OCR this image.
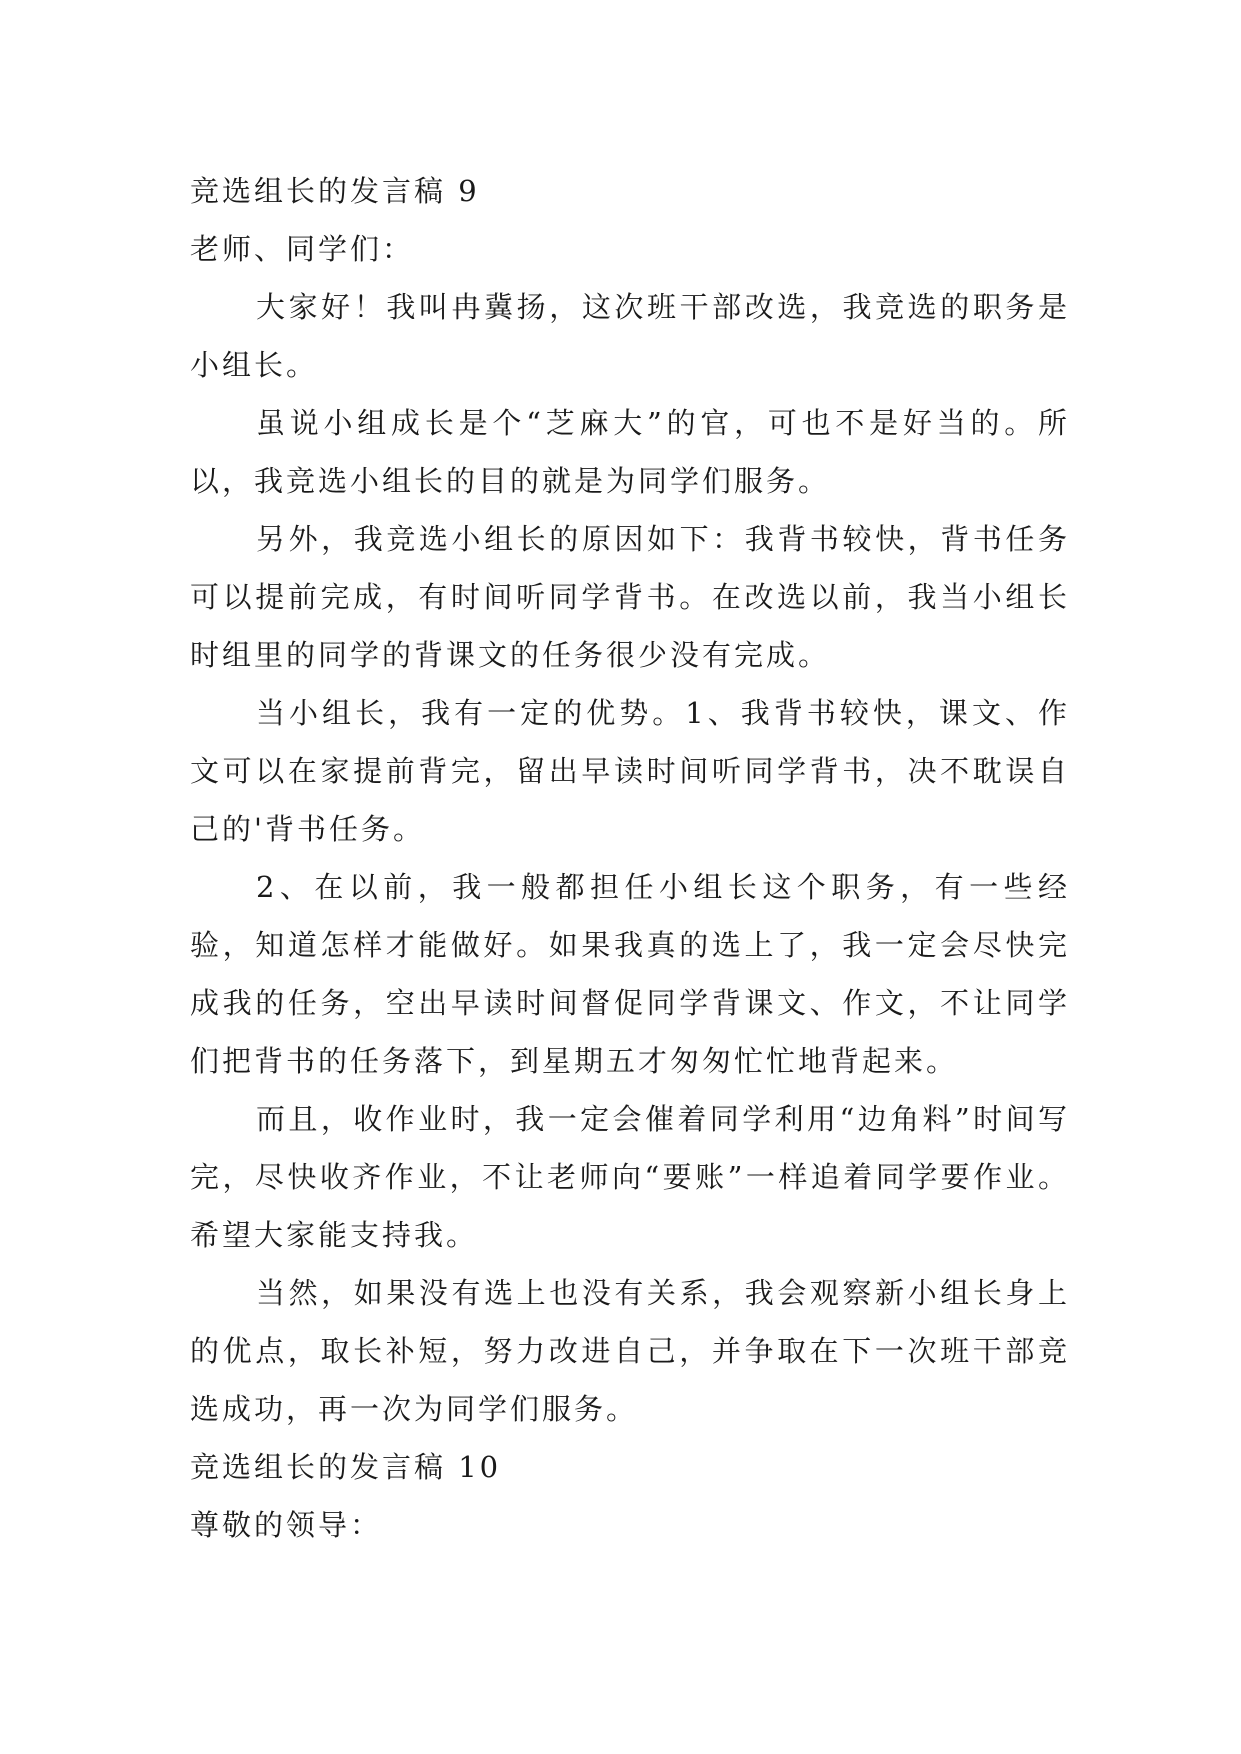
竞选组长的发言稿 9
老师、同学们：
大家好！我叫冉冀扬，这次班干部改选，我竞选的职务是小组长。
虽说小组成长是个“芝麻大”的官，可也不是好当的。所以，我竞选小组长的目的就是为同学们服务。
另外，我竞选小组长的原因如下：我背书较快，背书任务可以提前完成，有时间听同学背书。在改选以前，我当小组长时组里的同学的背课文的任务很少没有完成。
当小组长，我有一定的优势。1、我背书较快，课文、作文可以在家提前背完，留出早读时间听同学背书，决不耽误自己的'背书任务。
2、在以前，我一般都担任小组长这个职务，有一些经验，知道怎样才能做好。如果我真的选上了，我一定会尽快完成我的任务，空出早读时间督促同学背课文、作文，不让同学们把背书的任务落下，到星期五才匆匆忙忙地背起来。
而且，收作业时，我一定会催着同学利用“边角料”时间写完，尽快收齐作业，不让老师向“要账”一样追着同学要作业。希望大家能支持我。
当然，如果没有选上也没有关系，我会观察新小组长身上的优点，取长补短，努力改进自己，并争取在下一次班干部竞选成功，再一次为同学们服务。
竞选组长的发言稿 10
尊敬的领导：
